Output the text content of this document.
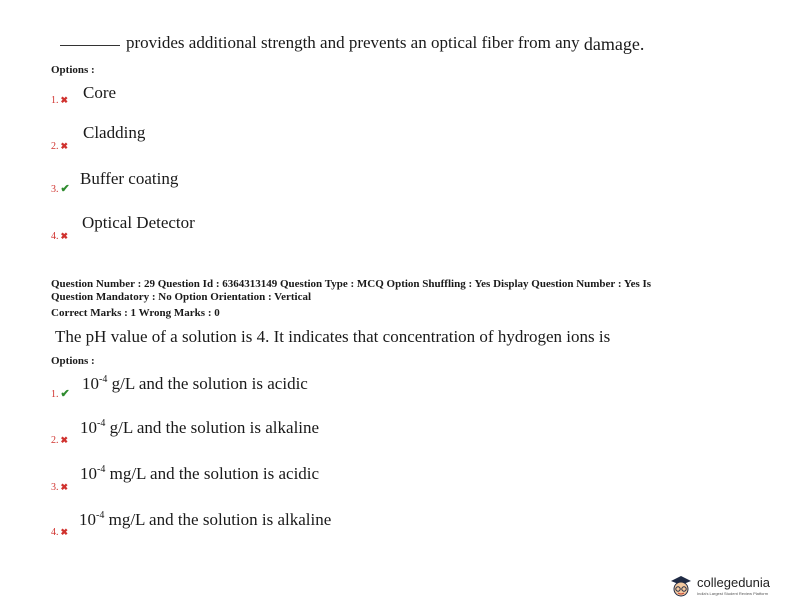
provides additional strength and prevents an optical fiber from any damage.
Options :
1. ✖ Core
2. ✖
Cladding
3. ✔
Buffer coating
4. ✖
Optical Detector
Question Number : 29 Question Id : 6364313149 Question Type : MCQ Option Shuffling : Yes Display Question Number : Yes Is
Question Mandatory : No Option Orientation : Vertical
Correct Marks : 1 Wrong Marks : 0
The pH value of a solution is 4. It indicates that concentration of hydrogen ions is
Options :
1. ✔
$10^{-4}$ g/L and the solution is acidic
2. ✖
$10^{-4}$ g/L and the solution is alkaline
3. ✖
$10^{-4}$ mg/L and the solution is acidic
4. ✖
$10^{-4}$ mg/L and the solution is alkaline
collegedunia
India's Largest Student Review Platform
